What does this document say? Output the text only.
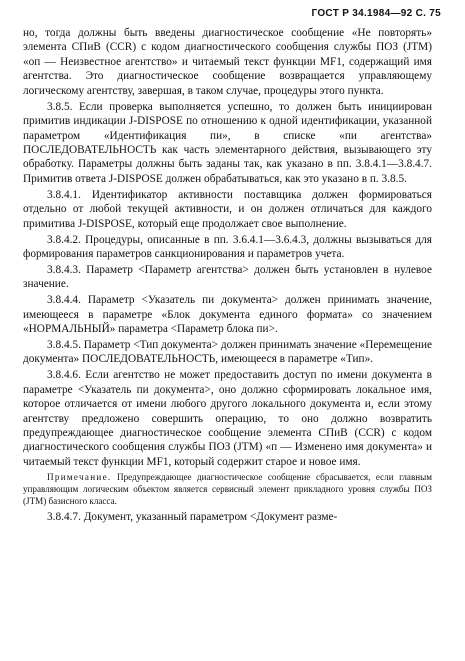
ГОСТ Р 34.1984—92 С. 75

но, тогда должны быть введены диагностическое сообщение «Не повторять» элемента СПиВ (CCR) с кодом диагностического сообщения службы ПОЗ (JTM) «оп — Неизвестное агентство» и читаемый текст функции MF1, содержащий имя агентства. Это диагностическое сообщение возвращается управляющему логическому агентству, завершая, в таком случае, процедуры этого пункта.

3.8.5. Если проверка выполняется успешно, то должен быть инициирован примитив индикации J-DISPOSE по отношению к одной идентификации, указанной параметром «Идентификация пи», в списке «пи агентства» ПОСЛЕДОВАТЕЛЬНОСТЬ как часть элементарного действия, вызывающего эту обработку. Параметры должны быть заданы так, как указано в пп. 3.8.4.1—3.8.4.7. Примитив ответа J-DISPOSE должен обрабатываться, как это указано в п. 3.8.5.

3.8.4.1. Идентификатор активности поставщика должен формироваться отдельно от любой текущей активности, и он должен отличаться для каждого примитива J-DISPOSE, который еще продолжает свое выполнение.

3.8.4.2. Процедуры, описанные в пп. 3.6.4.1—3.6.4.3, должны вызываться для формирования параметров санкционирования и параметров учета.

3.8.4.3. Параметр <Параметр агентства> должен быть установлен в нулевое значение.

3.8.4.4. Параметр <Указатель пи документа> должен принимать значение, имеющееся в параметре «Блок документа единого формата» со значением «НОРМАЛЬНЫЙ» параметра <Параметр блока пи>.

3.8.4.5. Параметр <Тип документа> должен принимать значение «Перемещение документа» ПОСЛЕДОВАТЕЛЬНОСТЬ, имеющееся в параметре «Тип».

3.8.4.6. Если агентство не может предоставить доступ по имени документа в параметре <Указатель пи документа>, оно должно сформировать локальное имя, которое отличается от имени любого другого локального документа и, если этому агентству предложено совершить операцию, то оно должно возвратить предупреждающее диагностическое сообщение элемента СПиВ (CCR) с кодом диагностического сообщения службы ПОЗ (JTM) «п — Изменено имя документа» и читаемый текст функции MF1, который содержит старое и новое имя.

Примечание. Предупреждающее диагностическое сообщение сбрасывается, если главным управляющим логическим объектом является сервисный элемент прикладного уровня службы ПОЗ (JTM) базисного класса.

3.8.4.7. Документ, указанный параметром <Документ разме-
